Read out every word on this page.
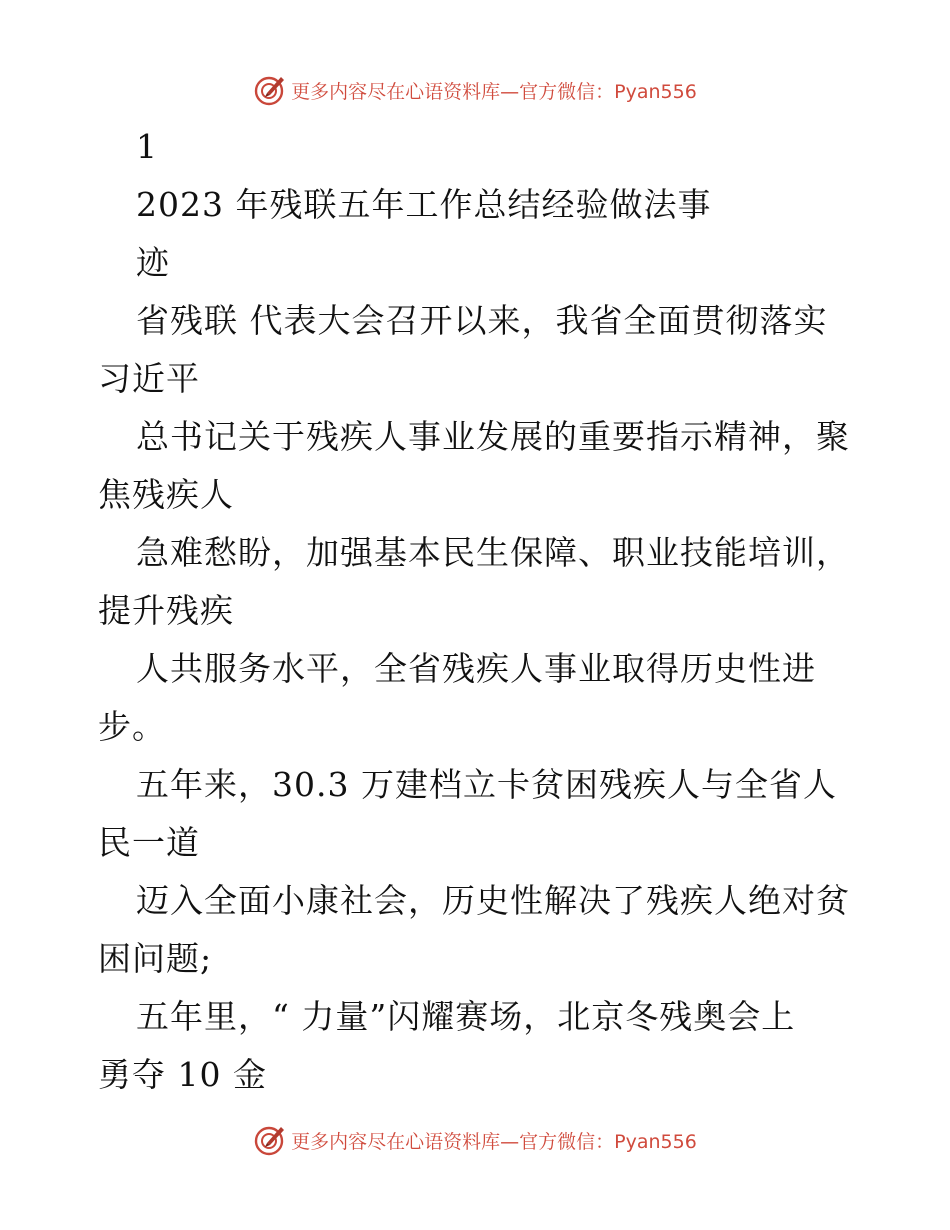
更多内容尽在心语资料库—官方微信：Pyan556
1
2023 年残联五年工作总结经验做法事
迹
省残联 代表大会召开以来，我省全面贯彻落实
习近平
总书记关于残疾人事业发展的重要指示精神，聚
焦残疾人
急难愁盼，加强基本民生保障、职业技能培训，
提升残疾
人共服务水平，全省残疾人事业取得历史性进
步。
五年来，30.3 万建档立卡贫困残疾人与全省人
民一道
迈入全面小康社会，历史性解决了残疾人绝对贫
困问题;
五年里，“ 力量”闪耀赛场，北京冬残奥会上
勇夺 10 金
更多内容尽在心语资料库—官方微信：Pyan556
